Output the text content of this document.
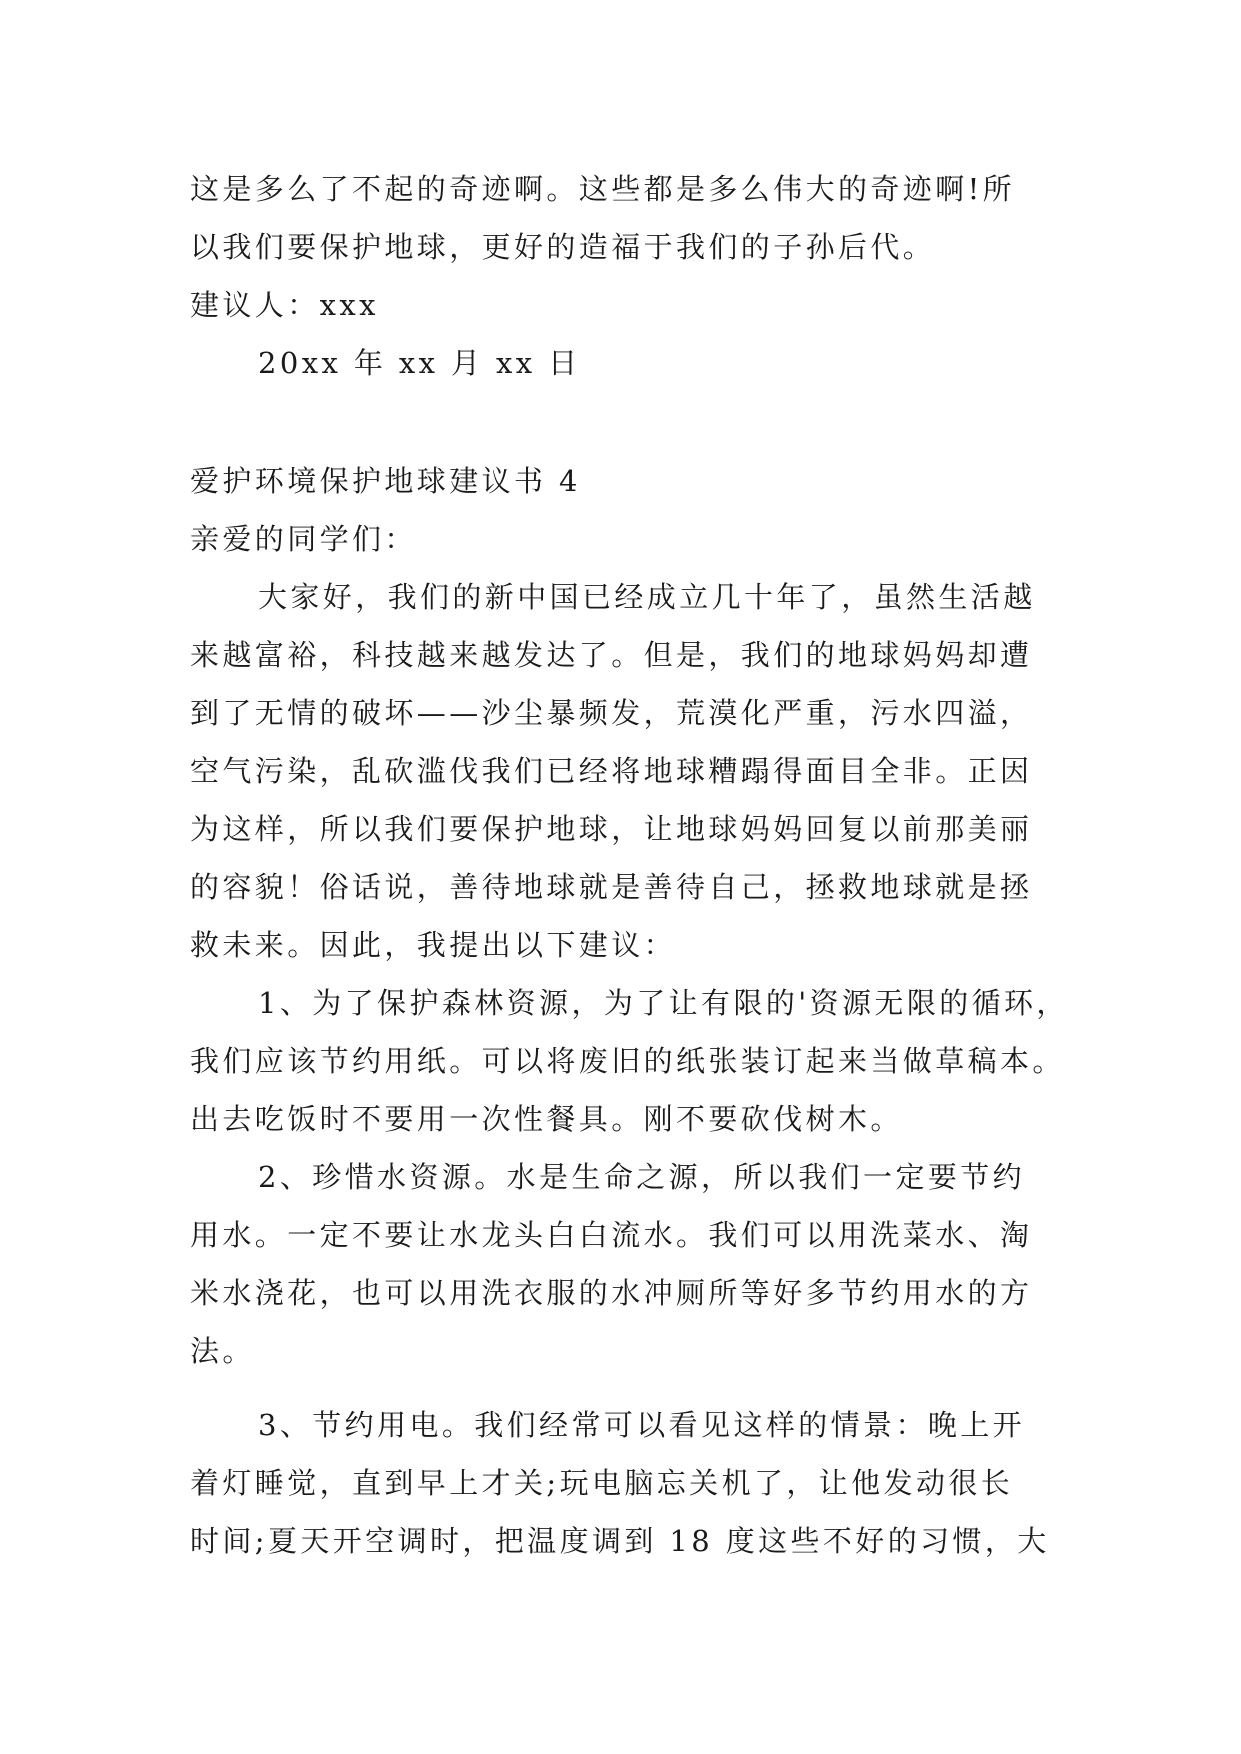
这是多么了不起的奇迹啊。这些都是多么伟大的奇迹啊!所
以我们要保护地球，更好的造福于我们的子孙后代。
建议人：xxx
20xx 年 xx 月 xx 日
爱护环境保护地球建议书 4
亲爱的同学们：
大家好，我们的新中国已经成立几十年了，虽然生活越
来越富裕，科技越来越发达了。但是，我们的地球妈妈却遭
到了无情的破坏——沙尘暴频发，荒漠化严重，污水四溢，
空气污染，乱砍滥伐我们已经将地球糟蹋得面目全非。正因
为这样，所以我们要保护地球，让地球妈妈回复以前那美丽
的容貌！俗话说，善待地球就是善待自己，拯救地球就是拯
救未来。因此，我提出以下建议：
1、为了保护森林资源，为了让有限的'资源无限的循环，
我们应该节约用纸。可以将废旧的纸张装订起来当做草稿本。
出去吃饭时不要用一次性餐具。刚不要砍伐树木。
2、珍惜水资源。水是生命之源，所以我们一定要节约
用水。一定不要让水龙头白白流水。我们可以用洗菜水、淘
米水浇花，也可以用洗衣服的水冲厕所等好多节约用水的方
法。
3、节约用电。我们经常可以看见这样的情景：晚上开
着灯睡觉，直到早上才关;玩电脑忘关机了，让他发动很长
时间;夏天开空调时，把温度调到 18 度这些不好的习惯，大
